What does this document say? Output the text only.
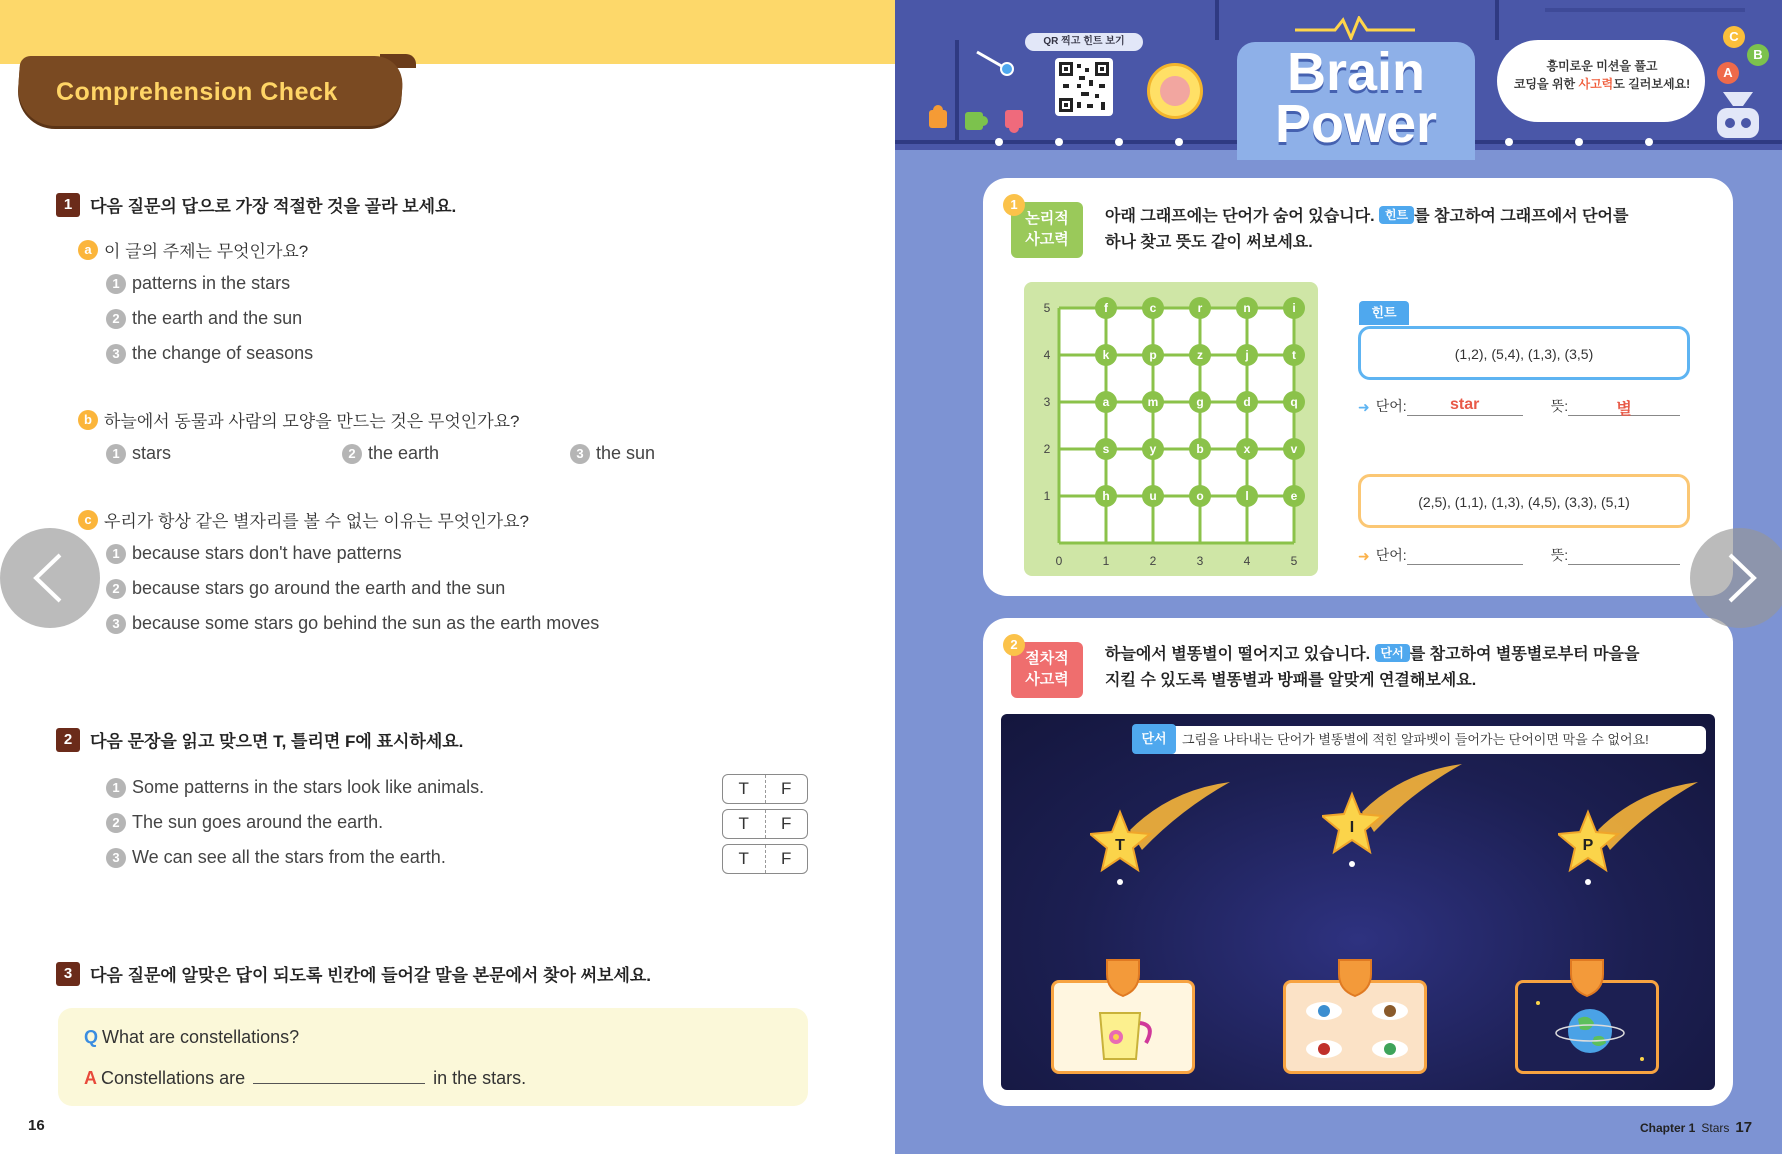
Comprehension Check
1	다음 질문의 답으로 가장 적절한 것을 골라 보세요.
a 이 글의 주제는 무엇인가요?
1 patterns in the stars
2 the earth and the sun
3 the change of seasons
b 하늘에서 동물과 사람의 모양을 만드는 것은 무엇인가요?
1 stars	2 the earth	3 the sun
c 우리가 항상 같은 별자리를 볼 수 없는 이유는 무엇인가요?
1 because stars don't have patterns
2 because stars go around the earth and the sun
3 because some stars go behind the sun as the earth moves
2	다음 문장을 읽고 맞으면 T, 틀리면 F에 표시하세요.
1 Some patterns in the stars look like animals.	T	F
2 The sun goes around the earth.	T	F
3 We can see all the stars from the earth.	T	F
3	다음 질문에 알맞은 답이 되도록 빈칸에 들어갈 말을 본문에서 찾아 써보세요.
Q What are constellations?
A Constellations are	in the stars.
16
QR 찍고 힌트 보기
Brain
Power
흥미로운 미션을 풀고
코딩을 위한 사고력도 길러보세요!
C
B
A
논리적
사고력
1
아래 그래프에는 단어가 숨어 있습니다. 힌트 를 참고하여 그래프에서 단어를
하나 찾고 뜻도 같이 써보세요.
0	1	2	3	4	5
5
4
3
2
1
f	c	r	n	i
k	p	z	j	t
a	m	g	d	q
s	y	b	x	v
h	u	o	l	e
힌트
(1,2), (5,4), (1,3), (3,5)
➜ 단어:	star	뜻:	별
(2,5), (1,1), (1,3), (4,5), (3,3), (5,1)
➜ 단어:	뜻:
절차적
사고력
2
하늘에서 별똥별이 떨어지고 있습니다. 단서 를 참고하여 별똥별로부터 마을을
지킬 수 있도록 별똥별과 방패를 알맞게 연결해보세요.
그림을 나타내는 단어가 별똥별에 적힌 알파벳이 들어가는 단어이면 막을 수 없어요!
단서
T
I
P
Chapter 1 Stars 17
